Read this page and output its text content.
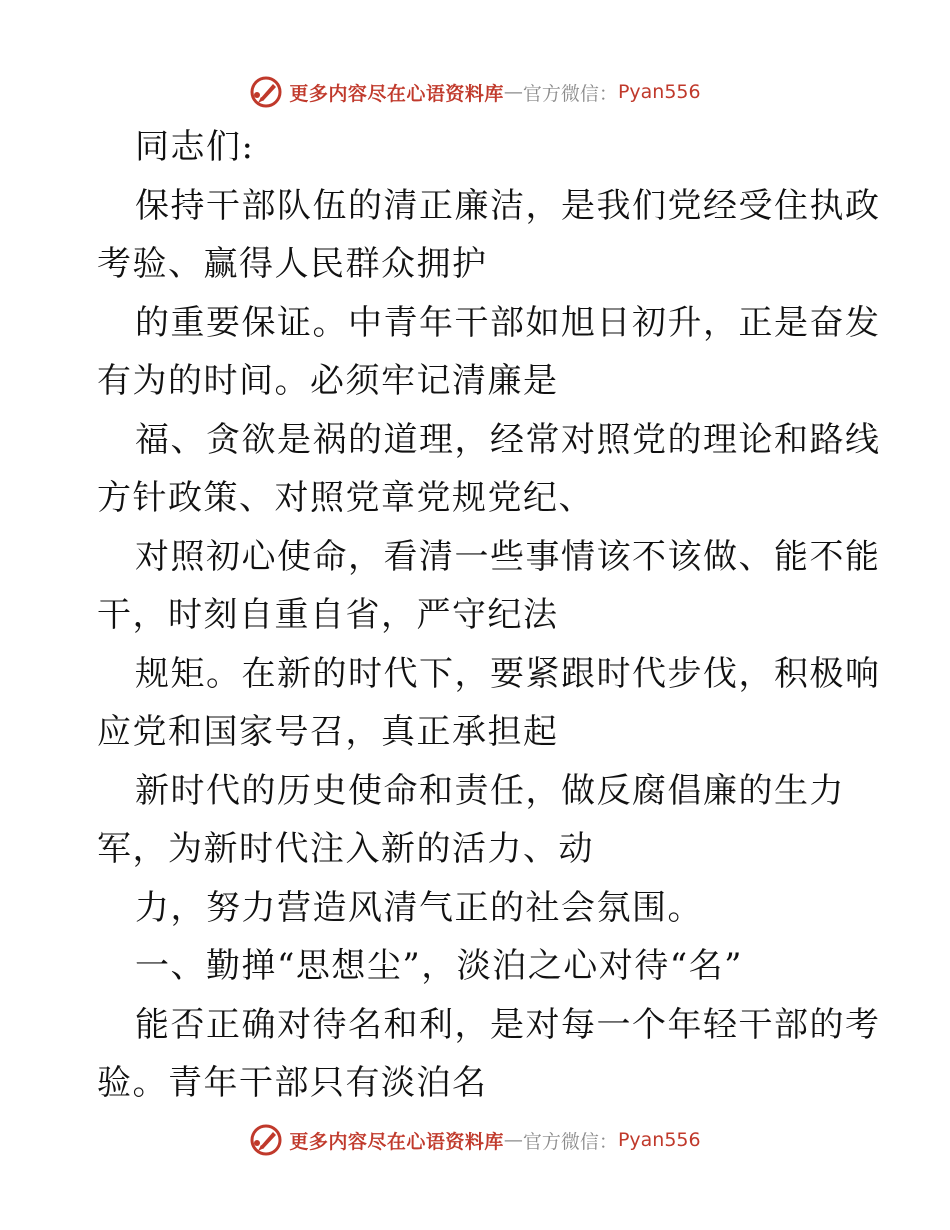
更多内容尽在心语资料库 — 官方微信： Pyan556
同志们:
保持干部队伍的清正廉洁，是我们党经受住执政
考验、赢得人民群众拥护
的重要保证。中青年干部如旭日初升，正是奋发
有为的时间。必须牢记清廉是
福、贪欲是祸的道理，经常对照党的理论和路线
方针政策、对照党章党规党纪、
对照初心使命，看清一些事情该不该做、能不能
干，时刻自重自省，严守纪法
规矩。在新的时代下，要紧跟时代步伐，积极响
应党和国家号召，真正承担起
新时代的历史使命和责任，做反腐倡廉的生力
军，为新时代注入新的活力、动
力，努力营造风清气正的社会氛围。
一、勤掸“思想尘”，淡泊之心对待“名”
能否正确对待名和利，是对每一个年轻干部的考
验。青年干部只有淡泊名
更多内容尽在心语资料库 — 官方微信： Pyan556
